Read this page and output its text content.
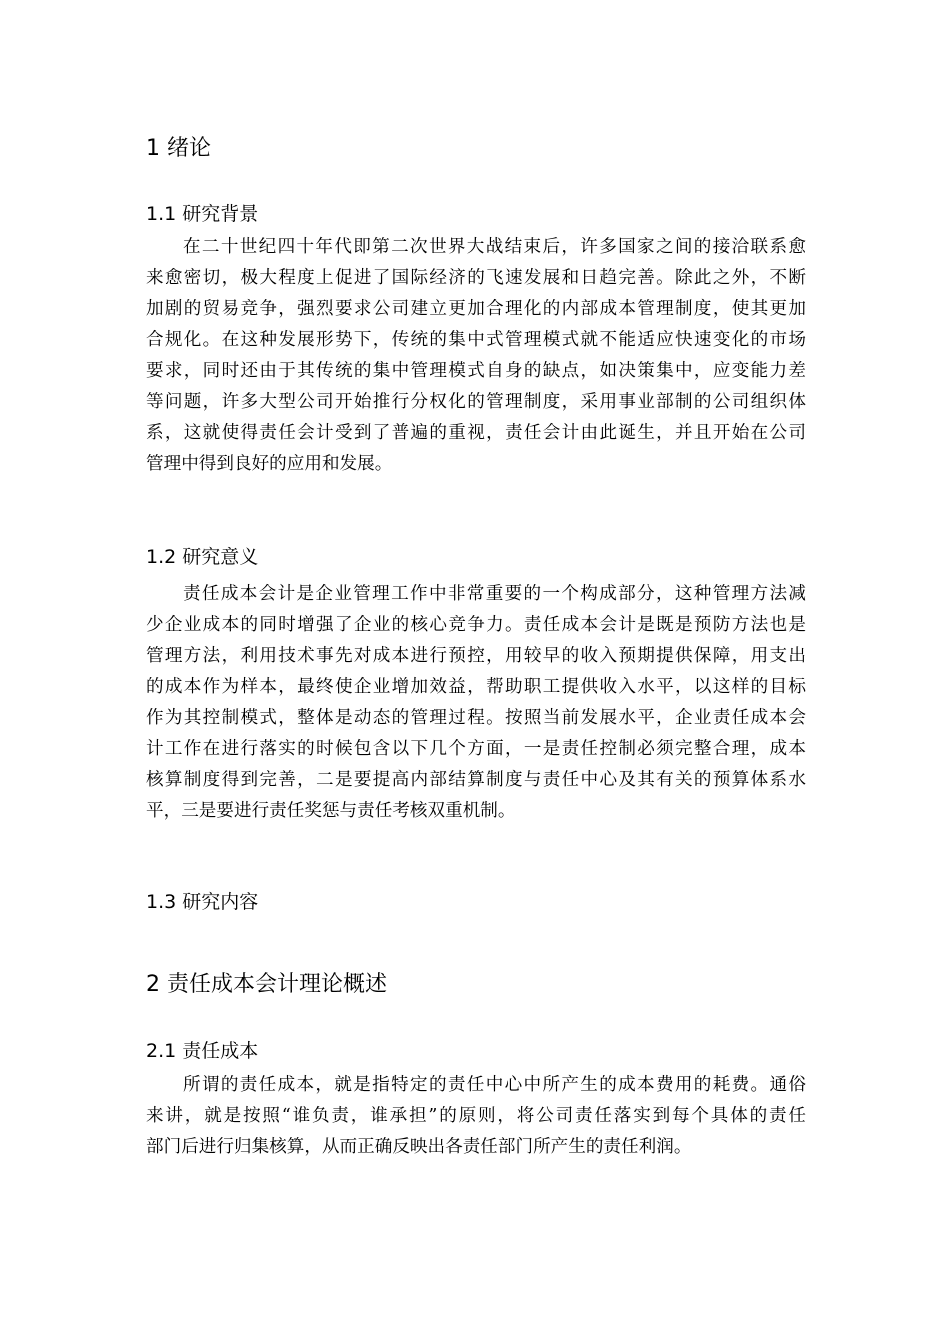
1 绪论
1.1 研究背景
在二十世纪四十年代即第二次世界大战结束后，许多国家之间的接洽联系愈
来愈密切，极大程度上促进了国际经济的飞速发展和日趋完善。除此之外，不断
加剧的贸易竞争，强烈要求公司建立更加合理化的内部成本管理制度，使其更加
合规化。在这种发展形势下，传统的集中式管理模式就不能适应快速变化的市场
要求，同时还由于其传统的集中管理模式自身的缺点，如决策集中，应变能力差
等问题，许多大型公司开始推行分权化的管理制度，采用事业部制的公司组织体
系，这就使得责任会计受到了普遍的重视，责任会计由此诞生，并且开始在公司
管理中得到良好的应用和发展。
1.2 研究意义
责任成本会计是企业管理工作中非常重要的一个构成部分，这种管理方法减
少企业成本的同时增强了企业的核心竞争力。责任成本会计是既是预防方法也是
管理方法，利用技术事先对成本进行预控，用较早的收入预期提供保障，用支出
的成本作为样本，最终使企业增加效益，帮助职工提供收入水平，以这样的目标
作为其控制模式，整体是动态的管理过程。按照当前发展水平，企业责任成本会
计工作在进行落实的时候包含以下几个方面，一是责任控制必须完整合理，成本
核算制度得到完善，二是要提高内部结算制度与责任中心及其有关的预算体系水
平，三是要进行责任奖惩与责任考核双重机制。
1.3 研究内容
2 责任成本会计理论概述
2.1 责任成本
所谓的责任成本，就是指特定的责任中心中所产生的成本费用的耗费。通俗
来讲，就是按照“谁负责，谁承担”的原则，将公司责任落实到每个具体的责任
部门后进行归集核算，从而正确反映出各责任部门所产生的责任利润。
